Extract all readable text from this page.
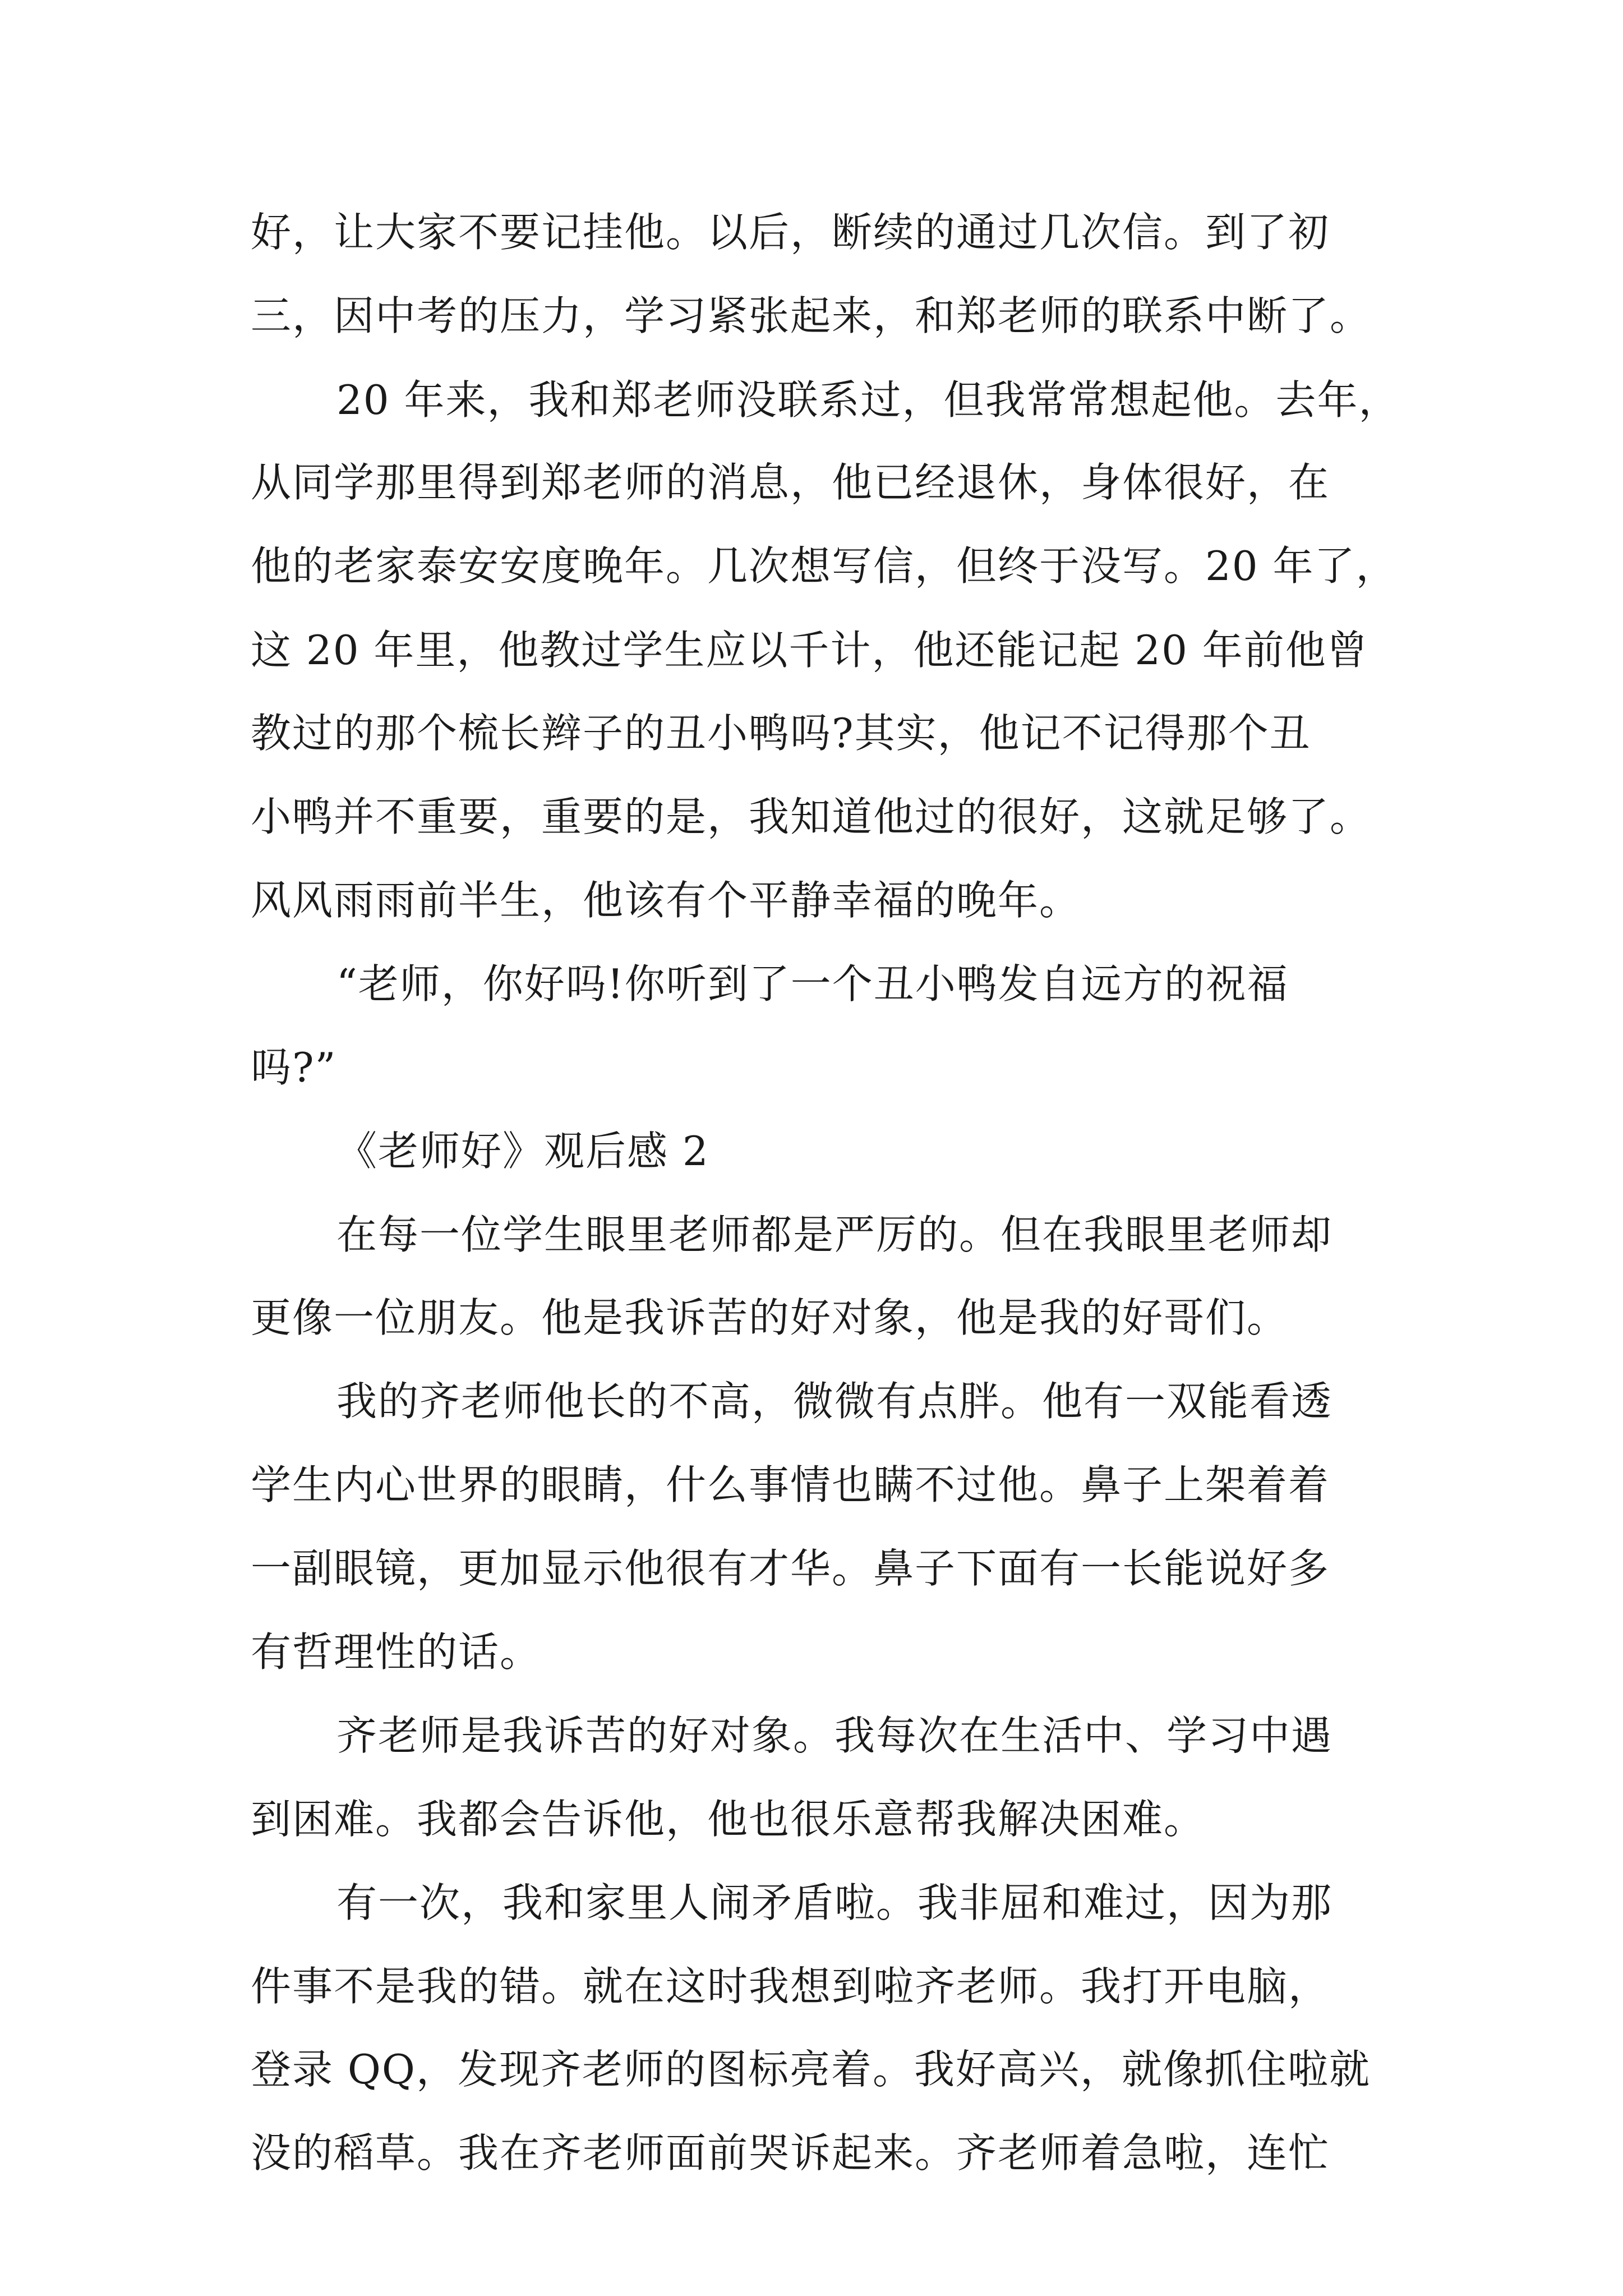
好，让大家不要记挂他。以后，断续的通过几次信。到了初
三，因中考的压力，学习紧张起来，和郑老师的联系中断了。
20 年来，我和郑老师没联系过，但我常常想起他。去年，
从同学那里得到郑老师的消息，他已经退休，身体很好，在
他的老家泰安安度晚年。几次想写信，但终于没写。20 年了，
这 20 年里，他教过学生应以千计，他还能记起 20 年前他曾
教过的那个梳长辫子的丑小鸭吗?其实，他记不记得那个丑
小鸭并不重要，重要的是，我知道他过的很好，这就足够了。
风风雨雨前半生，他该有个平静幸福的晚年。
“老师，你好吗!你听到了一个丑小鸭发自远方的祝福
吗?”
《老师好》观后感 2
在每一位学生眼里老师都是严厉的。但在我眼里老师却
更像一位朋友。他是我诉苦的好对象，他是我的好哥们。
我的齐老师他长的不高，微微有点胖。他有一双能看透
学生内心世界的眼睛，什么事情也瞒不过他。鼻子上架着着
一副眼镜，更加显示他很有才华。鼻子下面有一长能说好多
有哲理性的话。
齐老师是我诉苦的好对象。我每次在生活中、学习中遇
到困难。我都会告诉他，他也很乐意帮我解决困难。
有一次，我和家里人闹矛盾啦。我非屈和难过，因为那
件事不是我的错。就在这时我想到啦齐老师。我打开电脑，
登录 QQ，发现齐老师的图标亮着。我好高兴，就像抓住啦就
没的稻草。我在齐老师面前哭诉起来。齐老师着急啦，连忙
